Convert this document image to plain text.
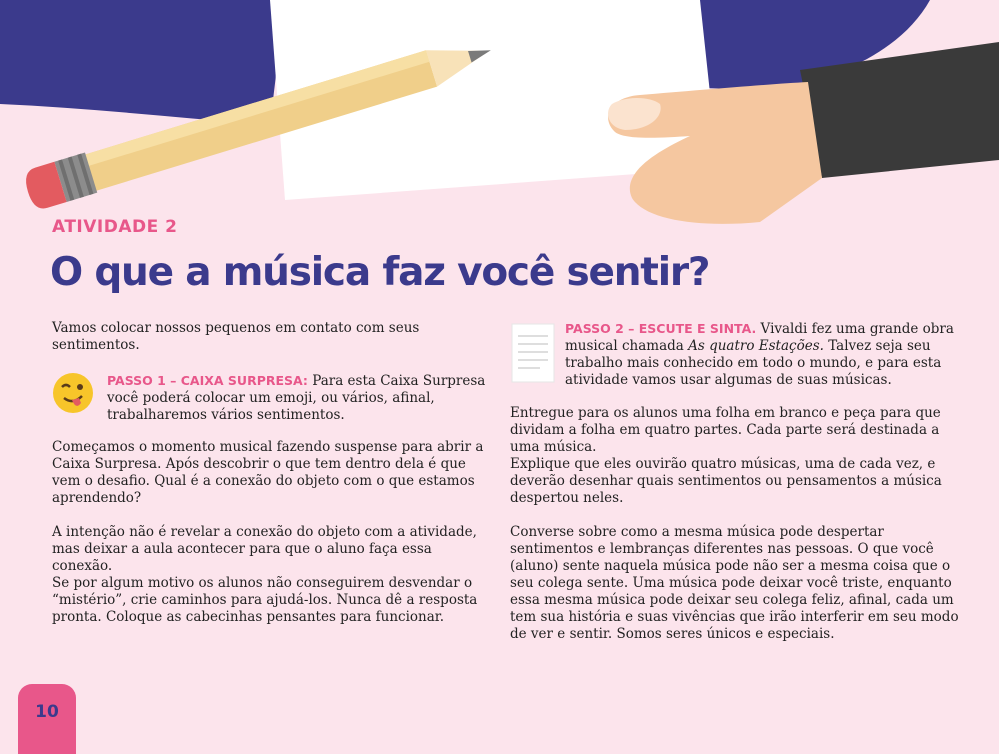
ATIVIDADE 2
O que a música faz você sentir?

Vamos colocar nossos pequenos em contato com seus sentimentos.

PASSO 1 – CAIXA SURPRESA: Para esta Caixa Surpresa você poderá colocar um emoji, ou vários, afinal, trabalharemos vários sentimentos.

Começamos o momento musical fazendo suspense para abrir a Caixa Surpresa. Após descobrir o que tem dentro dela é que vem o desafio. Qual é a conexão do objeto com o que estamos aprendendo?

A intenção não é revelar a conexão do objeto com a atividade, mas deixar a aula acontecer para que o aluno faça essa conexão.

Se por algum motivo os alunos não conseguirem desvendar o “mistério”, crie caminhos para ajudá-los. Nunca dê a resposta pronta. Coloque as cabecinhas pensantes para funcionar.

PASSO 2 – ESCUTE E SINTA. Vivaldi fez uma grande obra musical chamada As quatro Estações. Talvez seja seu trabalho mais conhecido em todo o mundo, e para esta atividade vamos usar algumas de suas músicas.

Entregue para os alunos uma folha em branco e peça para que dividam a folha em quatro partes. Cada parte será destinada a uma música.

Explique que eles ouvirão quatro músicas, uma de cada vez, e deverão desenhar quais sentimentos ou pensamentos a música despertou neles.

Converse sobre como a mesma música pode despertar sentimentos e lembranças diferentes nas pessoas. O que você (aluno) sente naquela música pode não ser a mesma coisa que o seu colega sente. Uma música pode deixar você triste, enquanto essa mesma música pode deixar seu colega feliz, afinal, cada um tem sua história e suas vivências que irão interferir em seu modo de ver e sentir. Somos seres únicos e especiais.

10
